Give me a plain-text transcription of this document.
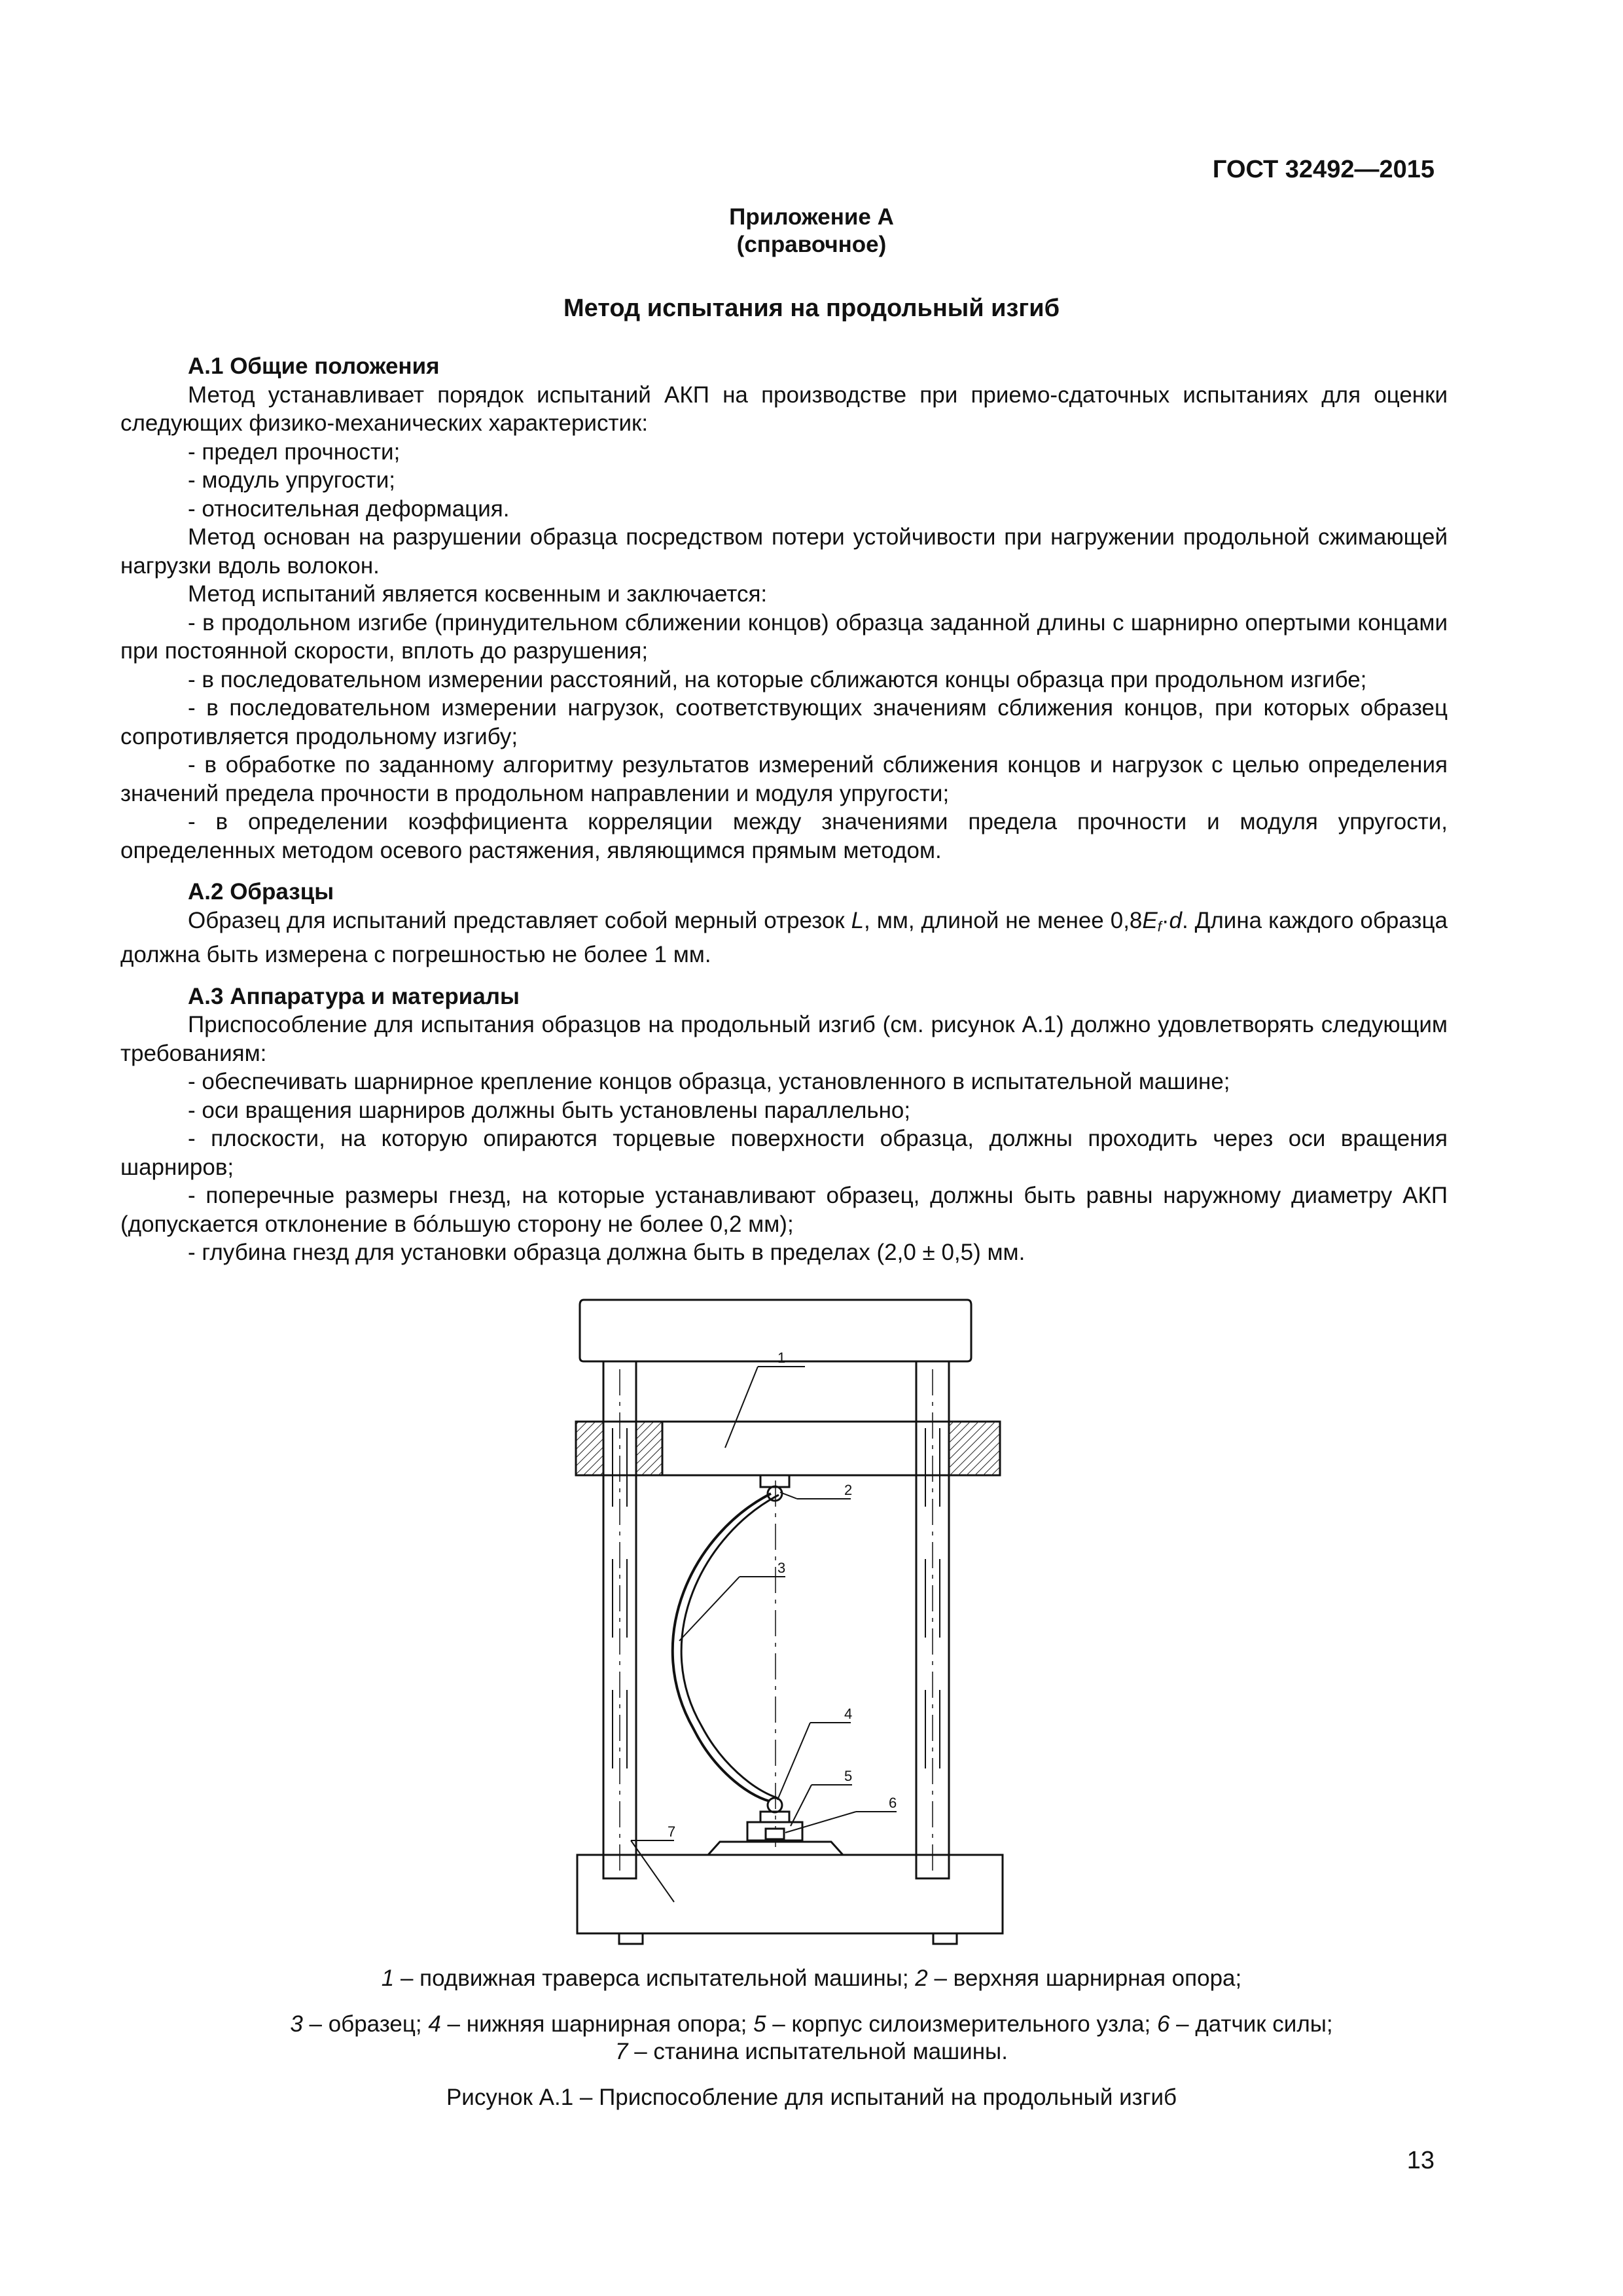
ГОСТ 32492—2015
Приложение А
(справочное)
Метод испытания на продольный изгиб

А.1 Общие положения

Метод устанавливает порядок испытаний АКП на производстве при приемо-сдаточных испытаниях для оценки следующих физико-механических характеристик:

- предел прочности;

- модуль упругости;

- относительная деформация.

Метод основан на разрушении образца посредством потери устойчивости при нагружении продольной сжимающей нагрузки вдоль волокон.

Метод испытаний является косвенным и заключается:

- в продольном изгибе (принудительном сближении концов) образца заданной длины с шарнирно опертыми концами при постоянной скорости, вплоть до разрушения;

- в последовательном измерении расстояний, на которые сближаются концы образца при продольном изгибе;

- в последовательном измерении нагрузок, соответствующих значениям сближения концов, при которых образец сопротивляется продольному изгибу;

- в обработке по заданному алгоритму результатов измерений сближения концов и нагрузок с целью определения значений предела прочности в продольном направлении и модуля упругости;

- в определении коэффициента корреляции между значениями предела прочности и модуля упругости, определенных методом осевого растяжения, являющимся прямым методом.

А.2 Образцы

Образец для испытаний представляет собой мерный отрезок L, мм, длиной не менее $0,8E_f\cdot d$. Длина каждого образца должна быть измерена с погрешностью не более 1 мм.

А.3 Аппаратура и материалы

Приспособление для испытания образцов на продольный изгиб (см. рисунок А.1) должно удовлетворять следующим требованиям:

- обеспечивать шарнирное крепление концов образца, установленного в испытательной машине;

- оси вращения шарниров должны быть установлены параллельно;

- плоскости, на которую опираются торцевые поверхности образца, должны проходить через оси вращения шарниров;

- поперечные размеры гнезд, на которые устанавливают образец, должны быть равны наружному диаметру АКП (допускается отклонение в бóльшую сторону не более 0,2 мм);

- глубина гнезд для установки образца должна быть в пределах (2,0 ± 0,5) мм.

1
2
3
4
5
6
7
1 – подвижная траверса испытательной машины; 2 – верхняя шарнирная опора;
3 – образец; 4 – нижняя шарнирная опора; 5 – корпус силоизмерительного узла; 6 – датчик силы;
7 – станина испытательной машины.
Рисунок А.1 – Приспособление для испытаний на продольный изгиб
13
